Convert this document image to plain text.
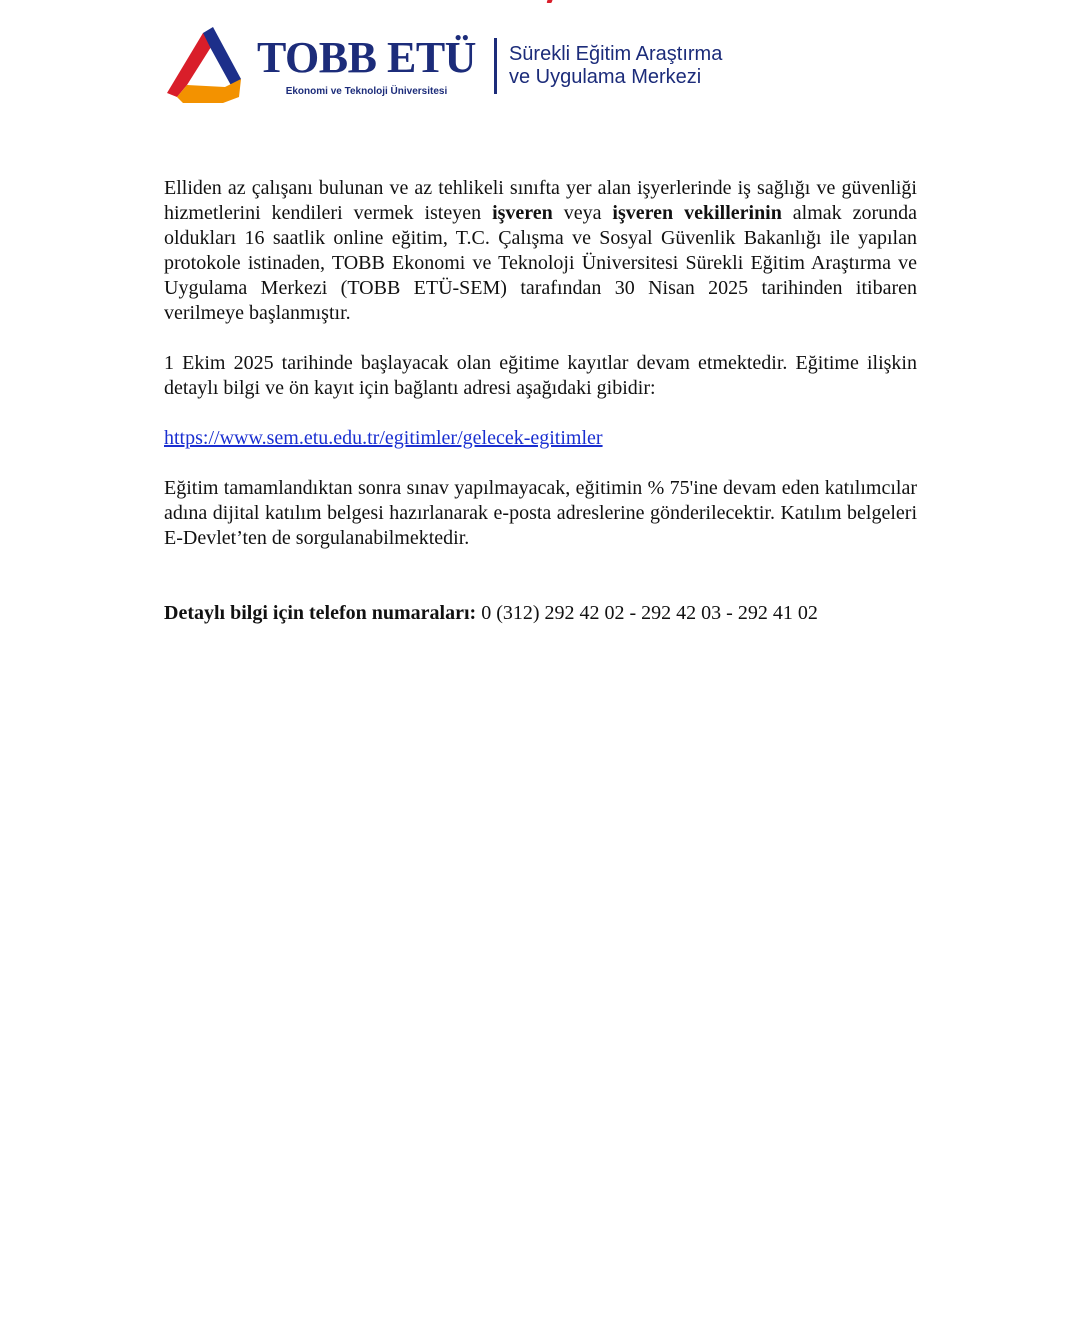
TOBB ETÜ
Ekonomi ve Teknoloji Üniversitesi
Sürekli Eğitim Araştırma
ve Uygulama Merkezi

Elliden az çalışanı bulunan ve az tehlikeli sınıfta yer alan işyerlerinde iş sağlığı ve güvenliği hizmetlerini kendileri vermek isteyen işveren veya işveren vekillerinin almak zorunda oldukları 16 saatlik online eğitim, T.C. Çalışma ve Sosyal Güvenlik Bakanlığı ile yapılan protokole istinaden, TOBB Ekonomi ve Teknoloji Üniversitesi Sürekli Eğitim Araştırma ve Uygulama Merkezi (TOBB ETÜ-SEM) tarafından 30 Nisan 2025 tarihinden itibaren verilmeye başlanmıştır.

1 Ekim 2025 tarihinde başlayacak olan eğitime kayıtlar devam etmektedir. Eğitime ilişkin detaylı bilgi ve ön kayıt için bağlantı adresi aşağıdaki gibidir:

https://www.sem.etu.edu.tr/egitimler/gelecek-egitimler

Eğitim tamamlandıktan sonra sınav yapılmayacak, eğitimin % 75'ine devam eden katılımcılar adına dijital katılım belgesi hazırlanarak e-posta adreslerine gönderilecektir. Katılım belgeleri E-Devlet’ten de sorgulanabilmektedir.

Detaylı bilgi için telefon numaraları: 0 (312) 292 42 02 - 292 42 03 - 292 41 02
